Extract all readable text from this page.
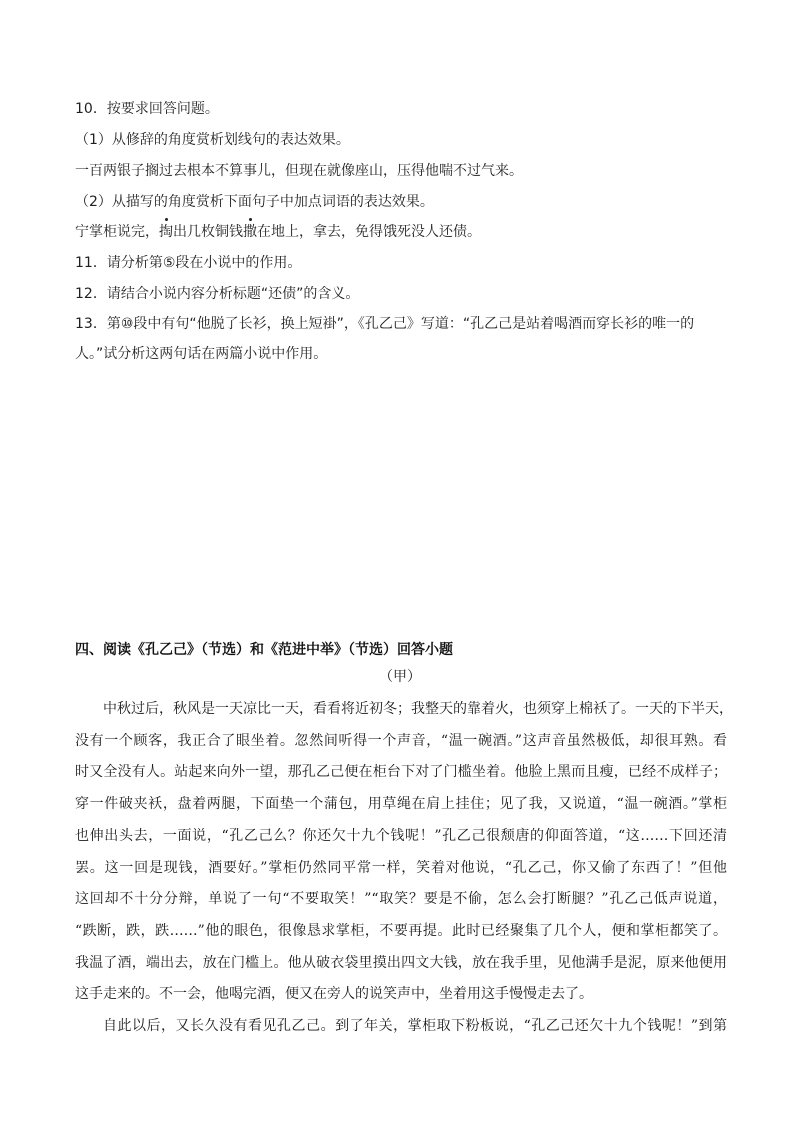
10．按要求回答问题。
（1）从修辞的角度赏析划线句的表达效果。
一百两银子搁过去根本不算事儿，但现在就像座山，压得他喘不过气来。
（2）从描写的角度赏析下面句子中加点词语的表达效果。
宁掌柜说完，掏出几枚铜钱撒在地上，拿去，免得饿死没人还债。
11．请分析第⑤段在小说中的作用。
12．请结合小说内容分析标题“还债”的含义。
13．第⑩段中有句“他脱了长衫，换上短褂”，《孔乙己》写道：“孔乙己是站着喝酒而穿长衫的唯一的
人。”试分析这两句话在两篇小说中作用。
四、阅读《孔乙己》（节选）和《范进中举》（节选）回答小题
（甲）
中秋过后，秋风是一天凉比一天，看看将近初冬；我整天的靠着火，也须穿上棉袄了。一天的下半天，
没有一个顾客，我正合了眼坐着。忽然间听得一个声音，“温一碗酒。”这声音虽然极低，却很耳熟。看
时又全没有人。站起来向外一望，那孔乙己便在柜台下对了门槛坐着。他脸上黑而且瘦，已经不成样子；
穿一件破夹袄，盘着两腿，下面垫一个蒲包，用草绳在肩上挂住；见了我，又说道，“温一碗酒。”掌柜
也伸出头去，一面说，“孔乙己么？你还欠十九个钱呢！”孔乙己很颓唐的仰面答道，“这……下回还清
罢。这一回是现钱，酒要好。”掌柜仍然同平常一样，笑着对他说，“孔乙己，你又偷了东西了！”但他
这回却不十分分辩，单说了一句“不要取笑！”“取笑？要是不偷，怎么会打断腿？”孔乙己低声说道，
“跌断，跌，跌……”他的眼色，很像恳求掌柜，不要再提。此时已经聚集了几个人，便和掌柜都笑了。
我温了酒，端出去，放在门槛上。他从破衣袋里摸出四文大钱，放在我手里，见他满手是泥，原来他便用
这手走来的。不一会，他喝完酒，便又在旁人的说笑声中，坐着用这手慢慢走去了。
自此以后，又长久没有看见孔乙己。到了年关，掌柜取下粉板说，“孔乙己还欠十九个钱呢！”到第
